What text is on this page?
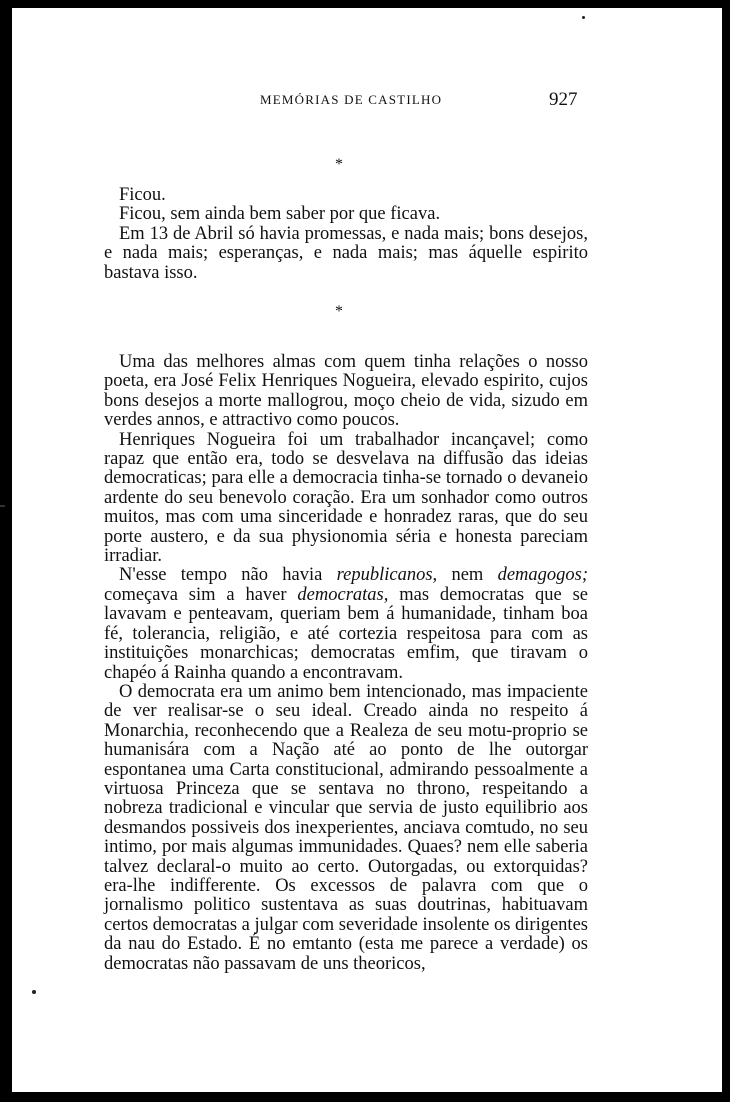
MEMÓRIAS DE CASTILHO	927
*

Ficou.

Ficou, sem ainda bem saber por que ficava.

Em 13 de Abril só havia promessas, e nada mais; bons desejos, e nada mais; esperanças, e nada mais; mas áquelle espirito bastava isso.

*

Uma das melhores almas com quem tinha relações o nosso poeta, era José Felix Henriques Nogueira, elevado espirito, cujos bons desejos a morte mallogrou, moço cheio de vida, sizudo em verdes annos, e attractivo como poucos.

Henriques Nogueira foi um trabalhador incançavel; como rapaz que então era, todo se desvelava na diffusão das ideias democraticas; para elle a democracia tinha-se tornado o devaneio ardente do seu benevolo coração. Era um sonhador como outros muitos, mas com uma sinceridade e honradez raras, que do seu porte austero, e da sua physionomia séria e honesta pareciam irradiar.

N'esse tempo não havia republicanos, nem demagogos; começava sim a haver democratas, mas democratas que se lavavam e penteavam, queriam bem á humanidade, tinham boa fé, tolerancia, religião, e até cortezia respeitosa para com as instituições monarchicas; democratas emfim, que tiravam o chapéo á Rainha quando a encontravam.

O democrata era um animo bem intencionado, mas impaciente de ver realisar-se o seu ideal. Creado ainda no respeito á Monarchia, reconhecendo que a Realeza de seu motu-proprio se humanisára com a Nação até ao ponto de lhe outorgar espontanea uma Carta constitucional, admirando pessoalmente a virtuosa Princeza que se sentava no throno, respeitando a nobreza tradicional e vincular que servia de justo equilibrio aos desmandos possiveis dos inexperientes, anciava comtudo, no seu intimo, por mais algumas immunidades. Quaes? nem elle saberia talvez declaral-o muito ao certo. Outorgadas, ou extorquidas? era-lhe indifferente. Os excessos de palavra com que o jornalismo politico sustentava as suas doutrinas, habituavam certos democratas a julgar com severidade insolente os dirigentes da nau do Estado. É no emtanto (esta me parece a verdade) os democratas não passavam de uns theoricos,
